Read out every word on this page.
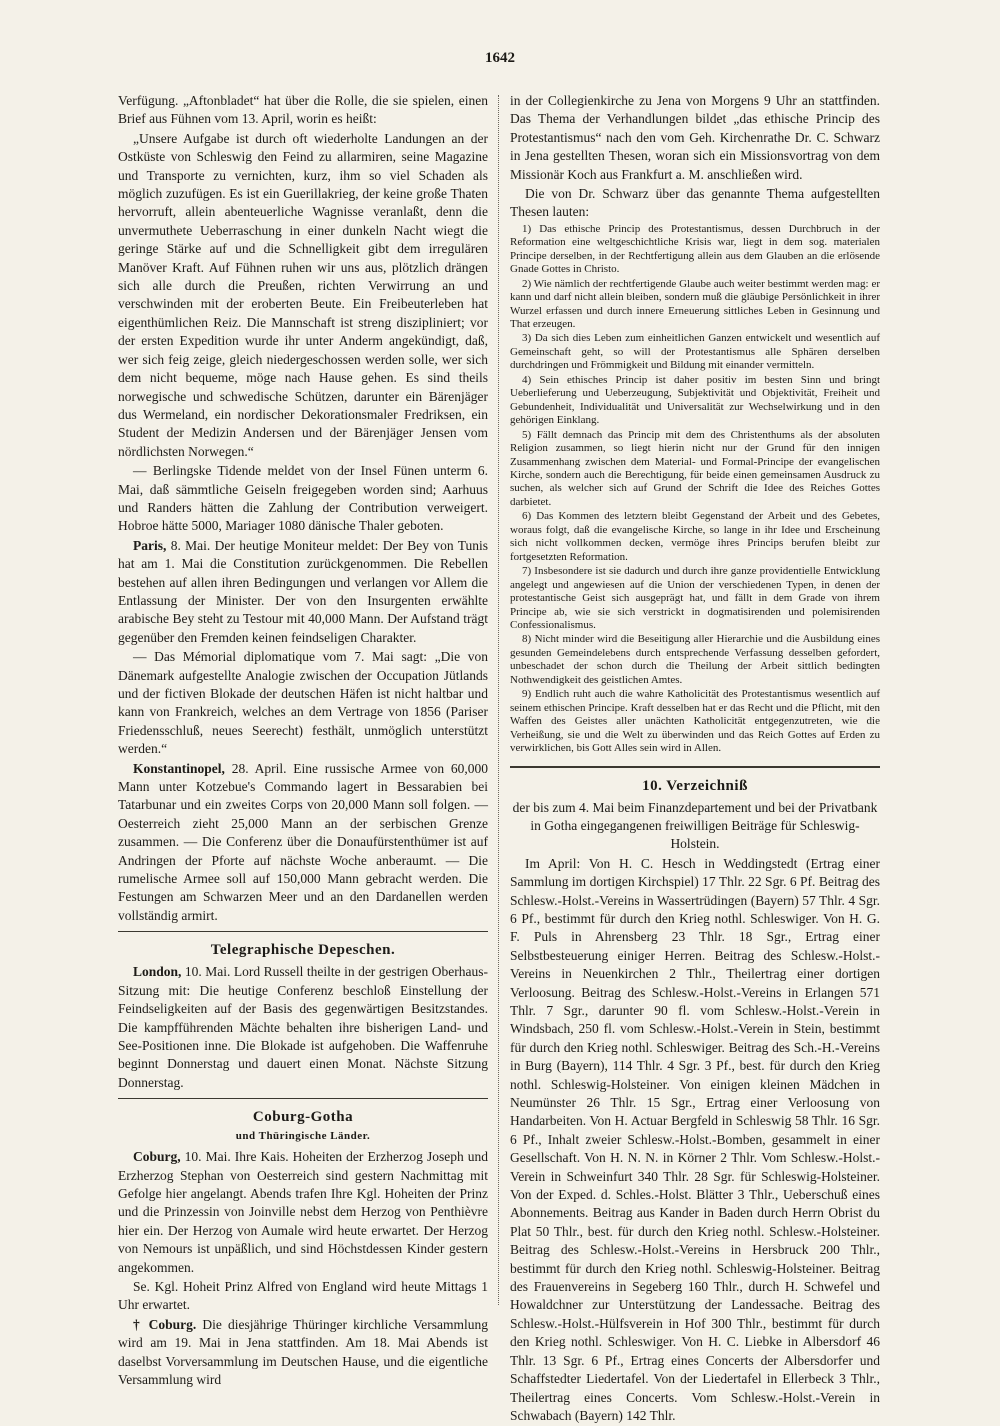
1642

Verfügung. „Aftonbladet“ hat über die Rolle, die sie spielen, einen Brief aus Fühnen vom 13. April, worin es heißt:

„Unsere Aufgabe ist durch oft wiederholte Landungen an der Ostküste von Schleswig den Feind zu allarmiren, seine Magazine und Transporte zu vernichten, kurz, ihm so viel Schaden als möglich zuzufügen. Es ist ein Guerillakrieg, der keine große Thaten hervorruft, allein abenteuerliche Wagnisse veranlaßt, denn die unvermuthete Ueberraschung in einer dunkeln Nacht wiegt die geringe Stärke auf und die Schnelligkeit gibt dem irregulären Manöver Kraft. Auf Fühnen ruhen wir uns aus, plötzlich drängen sich alle durch die Preußen, richten Verwirrung an und verschwinden mit der eroberten Beute. Ein Freibeuterleben hat eigenthümlichen Reiz. Die Mannschaft ist streng diszipliniert; vor der ersten Expedition wurde ihr unter Anderm angekündigt, daß, wer sich feig zeige, gleich niedergeschossen werden solle, wer sich dem nicht bequeme, möge nach Hause gehen. Es sind theils norwegische und schwedische Schützen, darunter ein Bärenjäger dus Wermeland, ein nordischer Dekorationsmaler Fredriksen, ein Student der Medizin Andersen und der Bärenjäger Jensen vom nördlichsten Norwegen.“

— Berlingske Tidende meldet von der Insel Fünen unterm 6. Mai, daß sämmtliche Geiseln freigegeben worden sind; Aarhuus und Randers hätten die Zahlung der Contribution verweigert. Hobroe hätte 5000, Mariager 1080 dänische Thaler geboten.

Paris, 8. Mai. Der heutige Moniteur meldet: Der Bey von Tunis hat am 1. Mai die Constitution zurückgenommen. Die Rebellen bestehen auf allen ihren Bedingungen und verlangen vor Allem die Entlassung der Minister. Der von den Insurgenten erwählte arabische Bey steht zu Testour mit 40,000 Mann. Der Aufstand trägt gegenüber den Fremden keinen feindseligen Charakter.

— Das Mémorial diplomatique vom 7. Mai sagt: „Die von Dänemark aufgestellte Analogie zwischen der Occupation Jütlands und der fictiven Blokade der deutschen Häfen ist nicht haltbar und kann von Frankreich, welches an dem Vertrage von 1856 (Pariser Friedensschluß, neues Seerecht) festhält, unmöglich unterstützt werden.“

Konstantinopel, 28. April. Eine russische Armee von 60,000 Mann unter Kotzebue's Commando lagert in Bessarabien bei Tatarbunar und ein zweites Corps von 20,000 Mann soll folgen. — Oesterreich zieht 25,000 Mann an der serbischen Grenze zusammen. — Die Conferenz über die Donaufürstenthümer ist auf Andringen der Pforte auf nächste Woche anberaumt. — Die rumelische Armee soll auf 150,000 Mann gebracht werden. Die Festungen am Schwarzen Meer und an den Dardanellen werden vollständig armirt.

Telegraphische Depeschen.

London, 10. Mai. Lord Russell theilte in der gestrigen Oberhaus-Sitzung mit: Die heutige Conferenz beschloß Einstellung der Feindseligkeiten auf der Basis des gegenwärtigen Besitzstandes. Die kampfführenden Mächte behalten ihre bisherigen Land- und See-Positionen inne. Die Blokade ist aufgehoben. Die Waffenruhe beginnt Donnerstag und dauert einen Monat. Nächste Sitzung Donnerstag.

Coburg-Gotha
und Thüringische Länder.

Coburg, 10. Mai. Ihre Kais. Hoheiten der Erzherzog Joseph und Erzherzog Stephan von Oesterreich sind gestern Nachmittag mit Gefolge hier angelangt. Abends trafen Ihre Kgl. Hoheiten der Prinz und die Prinzessin von Joinville nebst dem Herzog von Penthièvre hier ein. Der Herzog von Aumale wird heute erwartet. Der Herzog von Nemours ist unpäßlich, und sind Höchstdessen Kinder gestern angekommen.

Se. Kgl. Hoheit Prinz Alfred von England wird heute Mittags 1 Uhr erwartet.

† Coburg. Die diesjährige Thüringer kirchliche Versammlung wird am 19. Mai in Jena stattfinden. Am 18. Mai Abends ist daselbst Vorversammlung im Deutschen Hause, und die eigentliche Versammlung wird

in der Collegienkirche zu Jena von Morgens 9 Uhr an stattfinden. Das Thema der Verhandlungen bildet „das ethische Princip des Protestantismus“ nach den vom Geh. Kirchenrathe Dr. C. Schwarz in Jena gestellten Thesen, woran sich ein Missionsvortrag von dem Missionär Koch aus Frankfurt a. M. anschließen wird.

Die von Dr. Schwarz über das genannte Thema aufgestellten Thesen lauten:

1) Das ethische Princip des Protestantismus, dessen Durchbruch in der Reformation eine weltgeschichtliche Krisis war, liegt in dem sog. materialen Principe derselben, in der Rechtfertigung allein aus dem Glauben an die erlösende Gnade Gottes in Christo.

2) Wie nämlich der rechtfertigende Glaube auch weiter bestimmt werden mag: er kann und darf nicht allein bleiben, sondern muß die gläubige Persönlichkeit in ihrer Wurzel erfassen und durch innere Erneuerung sittliches Leben in Gesinnung und That erzeugen.

3) Da sich dies Leben zum einheitlichen Ganzen entwickelt und wesentlich auf Gemeinschaft geht, so will der Protestantismus alle Sphären derselben durchdringen und Frömmigkeit und Bildung mit einander vermitteln.

4) Sein ethisches Princip ist daher positiv im besten Sinn und bringt Ueberlieferung und Ueberzeugung, Subjektivität und Objektivität, Freiheit und Gebundenheit, Individualität und Universalität zur Wechselwirkung und in den gehörigen Einklang.

5) Fällt demnach das Princip mit dem des Christenthums als der absoluten Religion zusammen, so liegt hierin nicht nur der Grund für den innigen Zusammenhang zwischen dem Material- und Formal-Principe der evangelischen Kirche, sondern auch die Berechtigung, für beide einen gemeinsamen Ausdruck zu suchen, als welcher sich auf Grund der Schrift die Idee des Reiches Gottes darbietet.

6) Das Kommen des letztern bleibt Gegenstand der Arbeit und des Gebetes, woraus folgt, daß die evangelische Kirche, so lange in ihr Idee und Erscheinung sich nicht vollkommen decken, vermöge ihres Princips berufen bleibt zur fortgesetzten Reformation.

7) Insbesondere ist sie dadurch und durch ihre ganze providentielle Entwicklung angelegt und angewiesen auf die Union der verschiedenen Typen, in denen der protestantische Geist sich ausgeprägt hat, und fällt in dem Grade von ihrem Principe ab, wie sie sich verstrickt in dogmatisirenden und polemisirenden Confessionalismus.

8) Nicht minder wird die Beseitigung aller Hierarchie und die Ausbildung eines gesunden Gemeindelebens durch entsprechende Verfassung desselben gefordert, unbeschadet der schon durch die Theilung der Arbeit sittlich bedingten Nothwendigkeit des geistlichen Amtes.

9) Endlich ruht auch die wahre Katholicität des Protestantismus wesentlich auf seinem ethischen Principe. Kraft desselben hat er das Recht und die Pflicht, mit den Waffen des Geistes aller unächten Katholicität entgegenzutreten, wie die Verheißung, sie und die Welt zu überwinden und das Reich Gottes auf Erden zu verwirklichen, bis Gott Alles sein wird in Allen.

10. Verzeichniß

der bis zum 4. Mai beim Finanzdepartement und bei der Privatbank in Gotha eingegangenen freiwilligen Beiträge für Schleswig-Holstein.

Im April: Von H. C. Hesch in Weddingstedt (Ertrag einer Sammlung im dortigen Kirchspiel) 17 Thlr. 22 Sgr. 6 Pf. Beitrag des Schlesw.-Holst.-Vereins in Wassertrüdingen (Bayern) 57 Thlr. 4 Sgr. 6 Pf., bestimmt für durch den Krieg nothl. Schleswiger. Von H. G. F. Puls in Ahrensberg 23 Thlr. 18 Sgr., Ertrag einer Selbstbesteuerung einiger Herren. Beitrag des Schlesw.-Holst.-Vereins in Neuenkirchen 2 Thlr., Theilertrag einer dortigen Verloosung. Beitrag des Schlesw.-Holst.-Vereins in Erlangen 571 Thlr. 7 Sgr., darunter 90 fl. vom Schlesw.-Holst.-Verein in Windsbach, 250 fl. vom Schlesw.-Holst.-Verein in Stein, bestimmt für durch den Krieg nothl. Schleswiger. Beitrag des Sch.-H.-Vereins in Burg (Bayern), 114 Thlr. 4 Sgr. 3 Pf., best. für durch den Krieg nothl. Schleswig-Holsteiner. Von einigen kleinen Mädchen in Neumünster 26 Thlr. 15 Sgr., Ertrag einer Verloosung von Handarbeiten. Von H. Actuar Bergfeld in Schleswig 58 Thlr. 16 Sgr. 6 Pf., Inhalt zweier Schlesw.-Holst.-Bomben, gesammelt in einer Gesellschaft. Von H. N. N. in Körner 2 Thlr. Vom Schlesw.-Holst.-Verein in Schweinfurt 340 Thlr. 28 Sgr. für Schleswig-Holsteiner. Von der Exped. d. Schles.-Holst. Blätter 3 Thlr., Ueberschuß eines Abonnements. Beitrag aus Kander in Baden durch Herrn Obrist du Plat 50 Thlr., best. für durch den Krieg nothl. Schlesw.-Holsteiner. Beitrag des Schlesw.-Holst.-Vereins in Hersbruck 200 Thlr., bestimmt für durch den Krieg nothl. Schleswig-Holsteiner. Beitrag des Frauenvereins in Segeberg 160 Thlr., durch H. Schwefel und Howaldchner zur Unterstützung der Landessache. Beitrag des Schlesw.-Holst.-Hülfsverein in Hof 300 Thlr., bestimmt für durch den Krieg nothl. Schleswiger. Von H. C. Liebke in Albersdorf 46 Thlr. 13 Sgr. 6 Pf., Ertrag eines Concerts der Albersdorfer und Schaffstedter Liedertafel. Von der Liedertafel in Ellerbeck 3 Thlr., Theilertrag eines Concerts. Vom Schlesw.-Holst.-Verein in Schwabach (Bayern) 142 Thlr.
